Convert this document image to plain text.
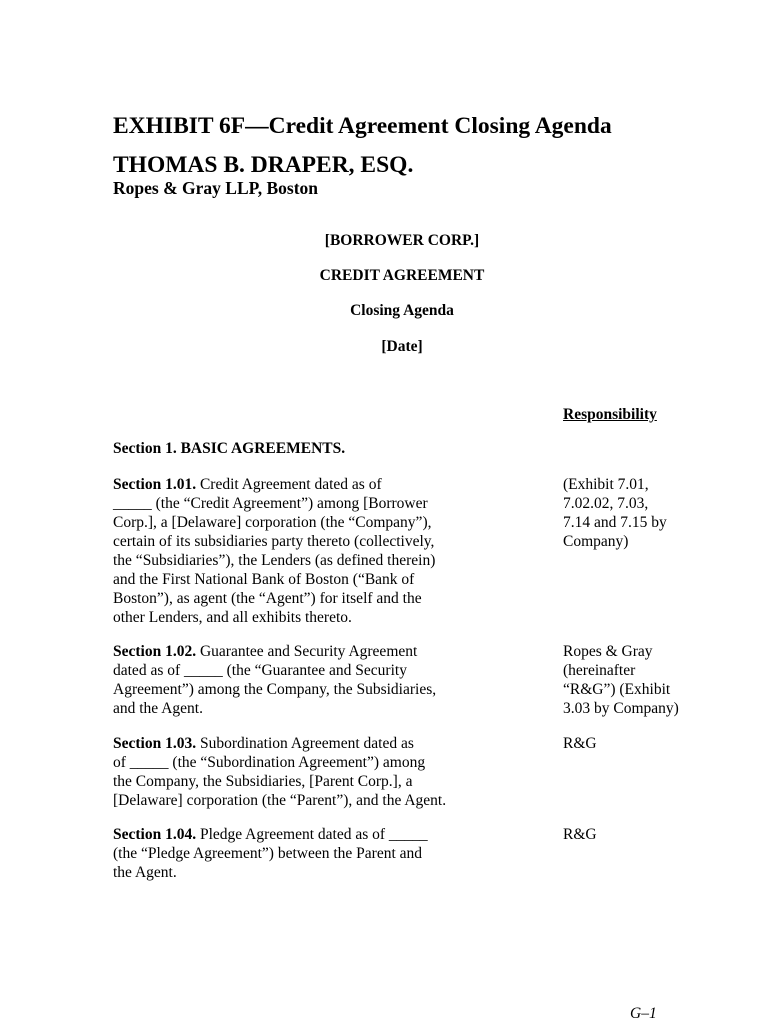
EXHIBIT 6F—Credit Agreement Closing Agenda
THOMAS B. DRAPER, ESQ.
Ropes & Gray LLP, Boston
[BORROWER CORP.]
CREDIT AGREEMENT
Closing Agenda
[Date]
Responsibility
Section 1. BASIC AGREEMENTS.
Section 1.01. Credit Agreement dated as of
_____ (the “Credit Agreement”) among [Borrower
Corp.], a [Delaware] corporation (the “Company”),
certain of its subsidiaries party thereto (collectively,
the “Subsidiaries”), the Lenders (as defined therein)
and the First National Bank of Boston (“Bank of
Boston”), as agent (the “Agent”) for itself and the
other Lenders, and all exhibits thereto.
(Exhibit 7.01,
7.02.02, 7.03,
7.14 and 7.15 by
Company)
Section 1.02. Guarantee and Security Agreement
dated as of _____ (the “Guarantee and Security
Agreement”) among the Company, the Subsidiaries,
and the Agent.
Ropes & Gray
(hereinafter
“R&G”) (Exhibit
3.03 by Company)
Section 1.03. Subordination Agreement dated as
of _____ (the “Subordination Agreement”) among
the Company, the Subsidiaries, [Parent Corp.], a
[Delaware] corporation (the “Parent”), and the Agent.
R&G
Section 1.04. Pledge Agreement dated as of _____
(the “Pledge Agreement”) between the Parent and
the Agent.
R&G
G–1
